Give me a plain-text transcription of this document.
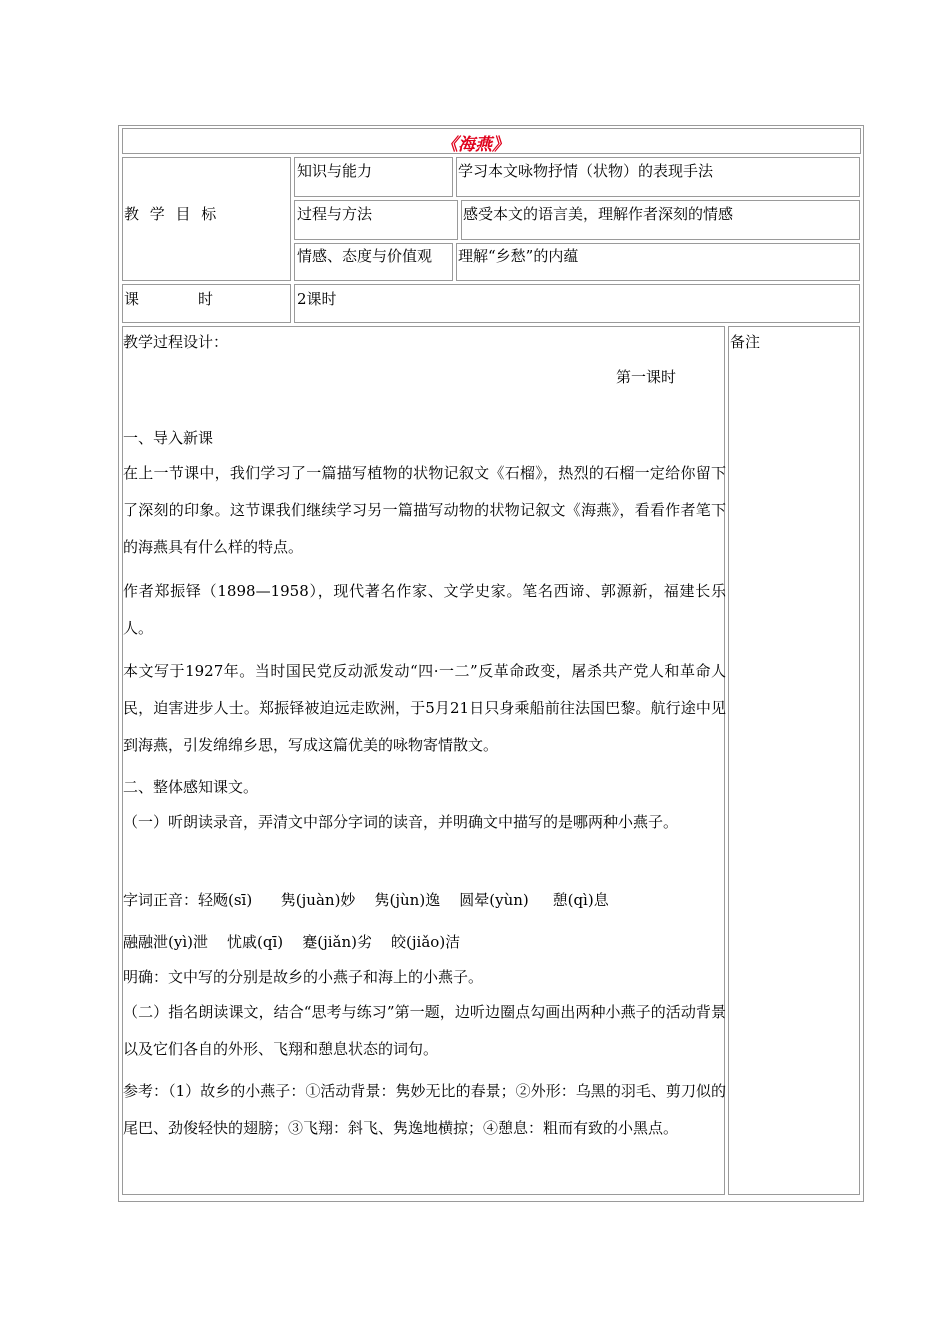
《海燕》
教 学 目 标
知识与能力	学习本文咏物抒情（状物）的表现手法
过程与方法	感受本文的语言美，理解作者深刻的情感
情感、态度与价值观 理解“乡愁”的内蕴
课	时	2课时
备注
教学过程设计：
第一课时
一、导入新课
在上一节课中，我们学习了一篇描写植物的状物记叙文《石榴》，热烈的石榴一定给你留下了深刻的印象。这节课我们继续学习另一篇描写动物的状物记叙文《海燕》，看看作者笔下的海燕具有什么样的特点。
作者郑振铎（1898—1958），现代著名作家、文学史家。笔名西谛、郭源新，福建长乐人。
本文写于1927年。当时国民党反动派发动“四·一二”反革命政变，屠杀共产党人和革命人民，迫害进步人士。郑振铎被迫远走欧洲，于5月21日只身乘船前往法国巴黎。航行途中见到海燕，引发绵绵乡思，写成这篇优美的咏物寄情散文。
二、整体感知课文。
（一）听朗读录音，弄清文中部分字词的读音，并明确文中描写的是哪两种小燕子。
字词正音：轻飏(sī)      隽(juàn)妙    隽(jùn)逸    圆晕(yùn)     憩(qì)息
融融泄(yì)泄    忧戚(qī)    蹇(jiǎn)劣    皎(jiǎo)洁
明确：文中写的分别是故乡的小燕子和海上的小燕子。
（二）指名朗读课文，结合“思考与练习”第一题，边听边圈点勾画出两种小燕子的活动背景以及它们各自的外形、飞翔和憩息状态的词句。
参考：（1）故乡的小燕子：①活动背景：隽妙无比的春景；②外形：乌黑的羽毛、剪刀似的尾巴、劲俊轻快的翅膀；③飞翔：斜飞、隽逸地横掠；④憩息：粗而有致的小黑点。
